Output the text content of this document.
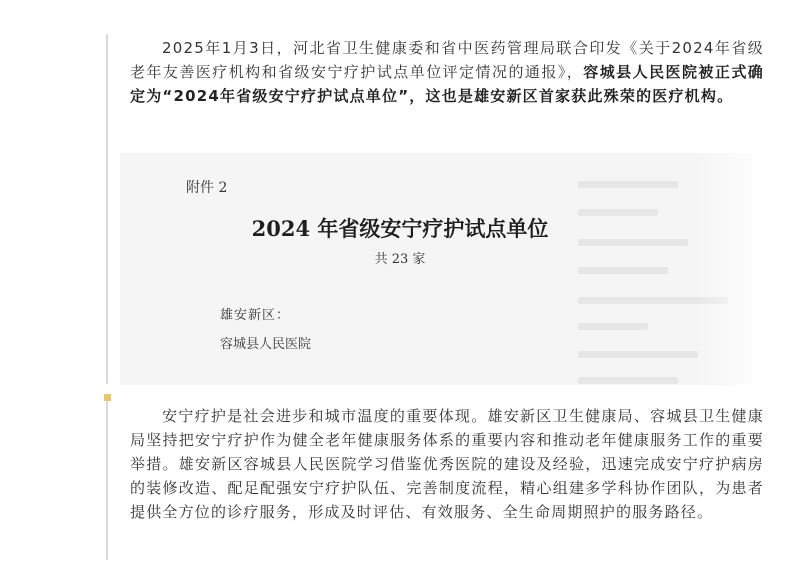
2025年1月3日，河北省卫生健康委和省中医药管理局联合印发《关于2024年省级老年友善医疗机构和省级安宁疗护试点单位评定情况的通报》，容城县人民医院被正式确定为“2024年省级安宁疗护试点单位”，这也是雄安新区首家获此殊荣的医疗机构。

附件 2
2024 年省级安宁疗护试点单位
共 23 家
雄安新区：
容城县人民医院

安宁疗护是社会进步和城市温度的重要体现。雄安新区卫生健康局、容城县卫生健康局坚持把安宁疗护作为健全老年健康服务体系的重要内容和推动老年健康服务工作的重要举措。雄安新区容城县人民医院学习借鉴优秀医院的建设及经验，迅速完成安宁疗护病房的装修改造、配足配强安宁疗护队伍、完善制度流程，精心组建多学科协作团队，为患者提供全方位的诊疗服务，形成及时评估、有效服务、全生命周期照护的服务路径。
